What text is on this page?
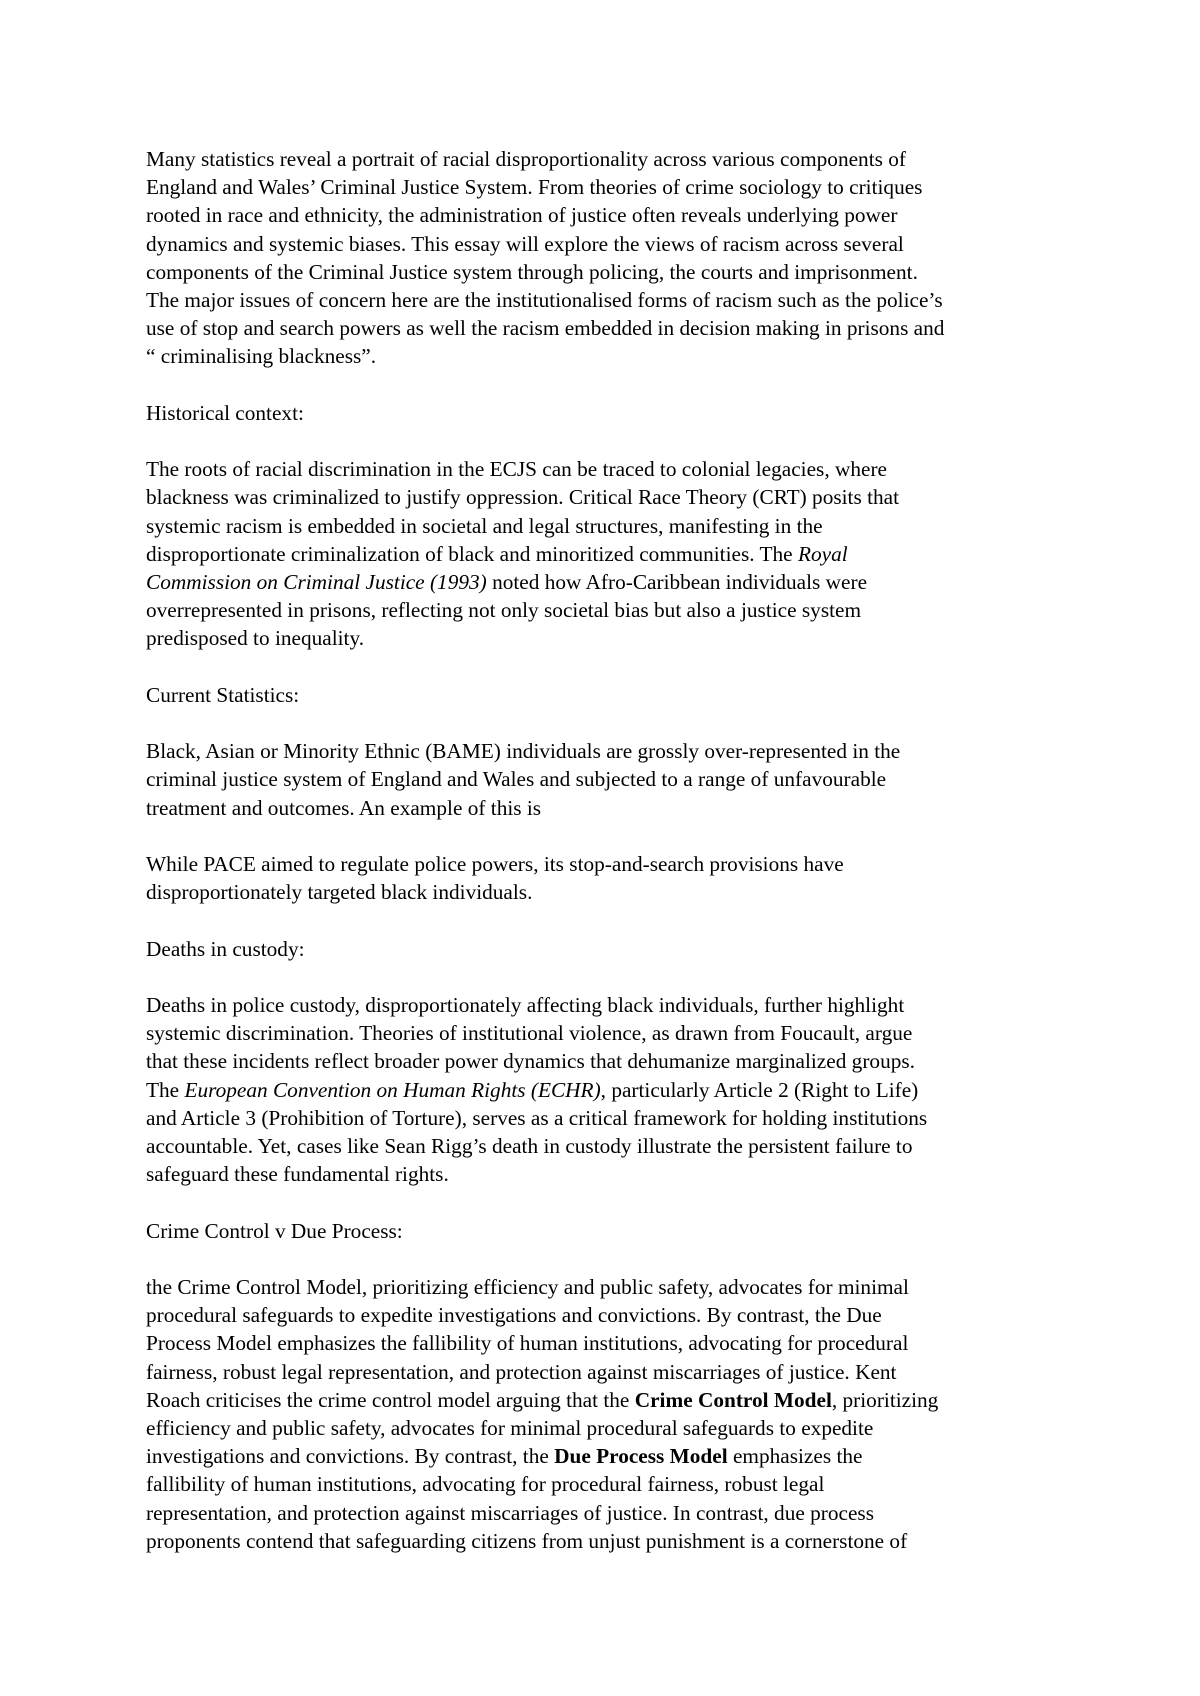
Many statistics reveal a portrait of racial disproportionality across various components of
England and Wales’ Criminal Justice System. From theories of crime sociology to critiques
rooted in race and ethnicity, the administration of justice often reveals underlying power
dynamics and systemic biases. This essay will explore the views of racism across several
components of the Criminal Justice system through policing, the courts and imprisonment.
The major issues of concern here are the institutionalised forms of racism such as the police’s
use of stop and search powers as well the racism embedded in decision making in prisons and
“ criminalising blackness”.

Historical context:

The roots of racial discrimination in the ECJS can be traced to colonial legacies, where
blackness was criminalized to justify oppression. Critical Race Theory (CRT) posits that
systemic racism is embedded in societal and legal structures, manifesting in the
disproportionate criminalization of black and minoritized communities. The Royal
Commission on Criminal Justice (1993) noted how Afro-Caribbean individuals were
overrepresented in prisons, reflecting not only societal bias but also a justice system
predisposed to inequality.

Current Statistics:

Black, Asian or Minority Ethnic (BAME) individuals are grossly over-represented in the
criminal justice system of England and Wales and subjected to a range of unfavourable
treatment and outcomes. An example of this is

While PACE aimed to regulate police powers, its stop-and-search provisions have
disproportionately targeted black individuals.

Deaths in custody:

Deaths in police custody, disproportionately affecting black individuals, further highlight
systemic discrimination. Theories of institutional violence, as drawn from Foucault, argue
that these incidents reflect broader power dynamics that dehumanize marginalized groups.
The European Convention on Human Rights (ECHR), particularly Article 2 (Right to Life)
and Article 3 (Prohibition of Torture), serves as a critical framework for holding institutions
accountable. Yet, cases like Sean Rigg’s death in custody illustrate the persistent failure to
safeguard these fundamental rights.

Crime Control v Due Process:

the Crime Control Model, prioritizing efficiency and public safety, advocates for minimal
procedural safeguards to expedite investigations and convictions. By contrast, the Due
Process Model emphasizes the fallibility of human institutions, advocating for procedural
fairness, robust legal representation, and protection against miscarriages of justice. Kent
Roach criticises the crime control model arguing that the Crime Control Model, prioritizing
efficiency and public safety, advocates for minimal procedural safeguards to expedite
investigations and convictions. By contrast, the Due Process Model emphasizes the
fallibility of human institutions, advocating for procedural fairness, robust legal
representation, and protection against miscarriages of justice. In contrast, due process
proponents contend that safeguarding citizens from unjust punishment is a cornerstone of
